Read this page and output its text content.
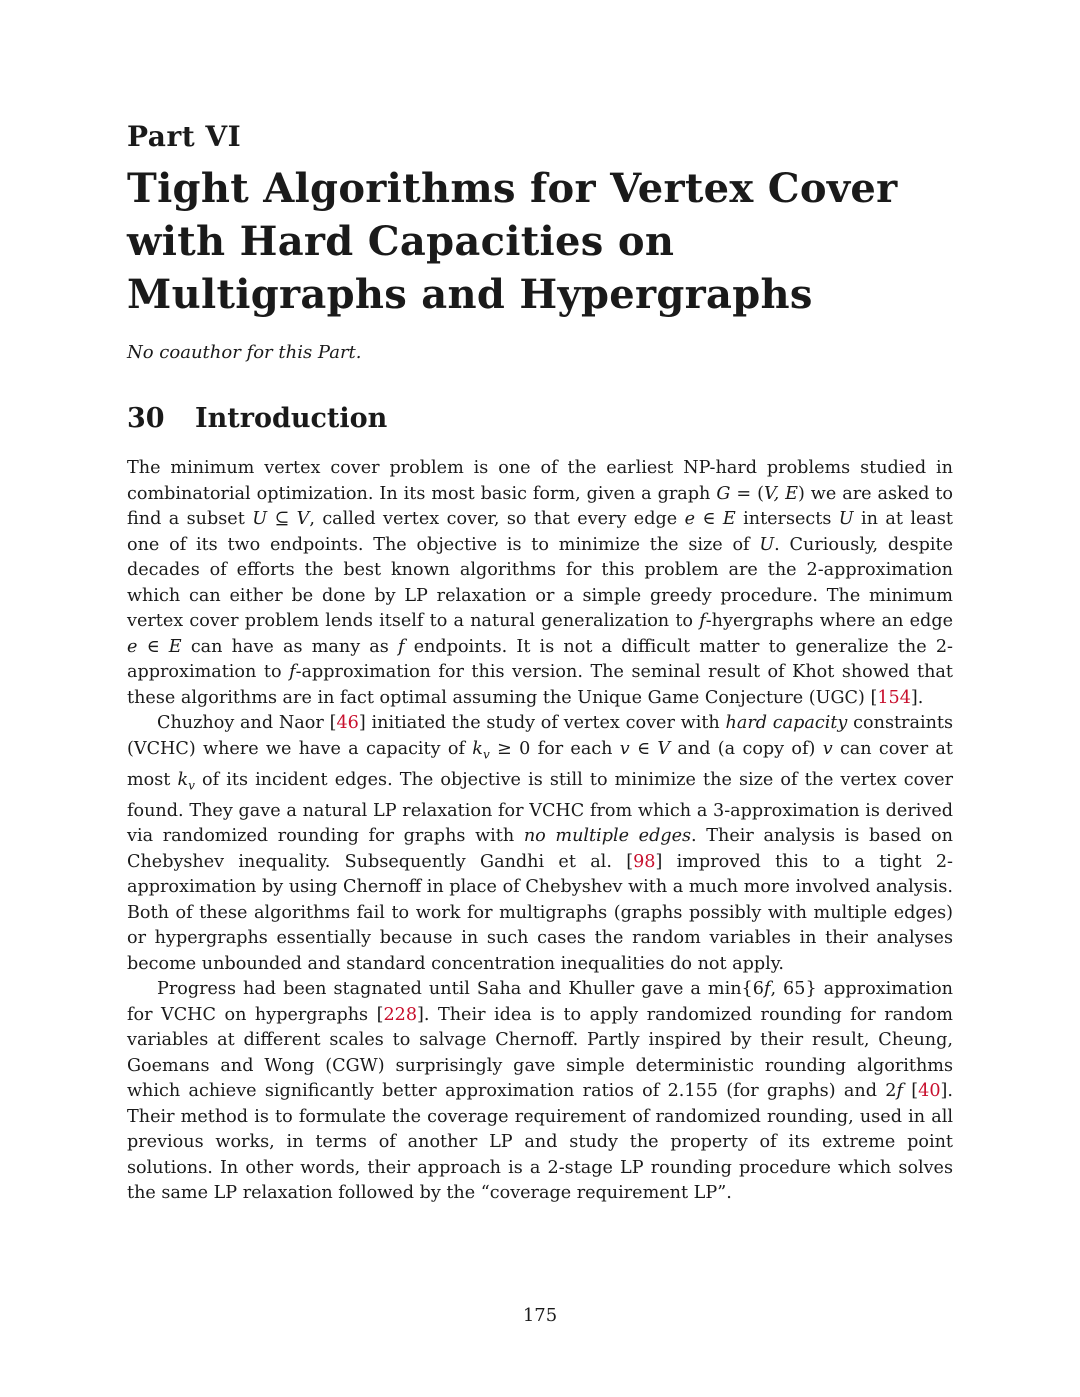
Part VI
Tight Algorithms for Vertex Cover with Hard Capacities on Multigraphs and Hypergraphs

No coauthor for this Part.

30 Introduction

The minimum vertex cover problem is one of the earliest NP-hard problems studied in combinatorial optimization. In its most basic form, given a graph G = (V, E) we are asked to find a subset U ⊆ V, called vertex cover, so that every edge e ∈ E intersects U in at least one of its two endpoints. The objective is to minimize the size of U. Curiously, despite decades of efforts the best known algorithms for this problem are the 2-approximation which can either be done by LP relaxation or a simple greedy procedure. The minimum vertex cover problem lends itself to a natural generalization to f-hyergraphs where an edge e ∈ E can have as many as f endpoints. It is not a difficult matter to generalize the 2-approximation to f-approximation for this version. The seminal result of Khot showed that these algorithms are in fact optimal assuming the Unique Game Conjecture (UGC) [154].

Chuzhoy and Naor [46] initiated the study of vertex cover with hard capacity constraints (VCHC) where we have a capacity of $k_v \ge 0$ for each v ∈ V and (a copy of) v can cover at most $k_v$ of its incident edges. The objective is still to minimize the size of the vertex cover found. They gave a natural LP relaxation for VCHC from which a 3-approximation is derived via randomized rounding for graphs with no multiple edges. Their analysis is based on Chebyshev inequality. Subsequently Gandhi et al. [98] improved this to a tight 2-approximation by using Chernoff in place of Chebyshev with a much more involved analysis. Both of these algorithms fail to work for multigraphs (graphs possibly with multiple edges) or hypergraphs essentially because in such cases the random variables in their analyses become unbounded and standard concentration inequalities do not apply.

Progress had been stagnated until Saha and Khuller gave a min{6f, 65} approximation for VCHC on hypergraphs [228]. Their idea is to apply randomized rounding for random variables at different scales to salvage Chernoff. Partly inspired by their result, Cheung, Goemans and Wong (CGW) surprisingly gave simple deterministic rounding algorithms which achieve significantly better approximation ratios of 2.155 (for graphs) and 2f [40]. Their method is to formulate the coverage requirement of randomized rounding, used in all previous works, in terms of another LP and study the property of its extreme point solutions. In other words, their approach is a 2-stage LP rounding procedure which solves the same LP relaxation followed by the “coverage requirement LP”.

175
